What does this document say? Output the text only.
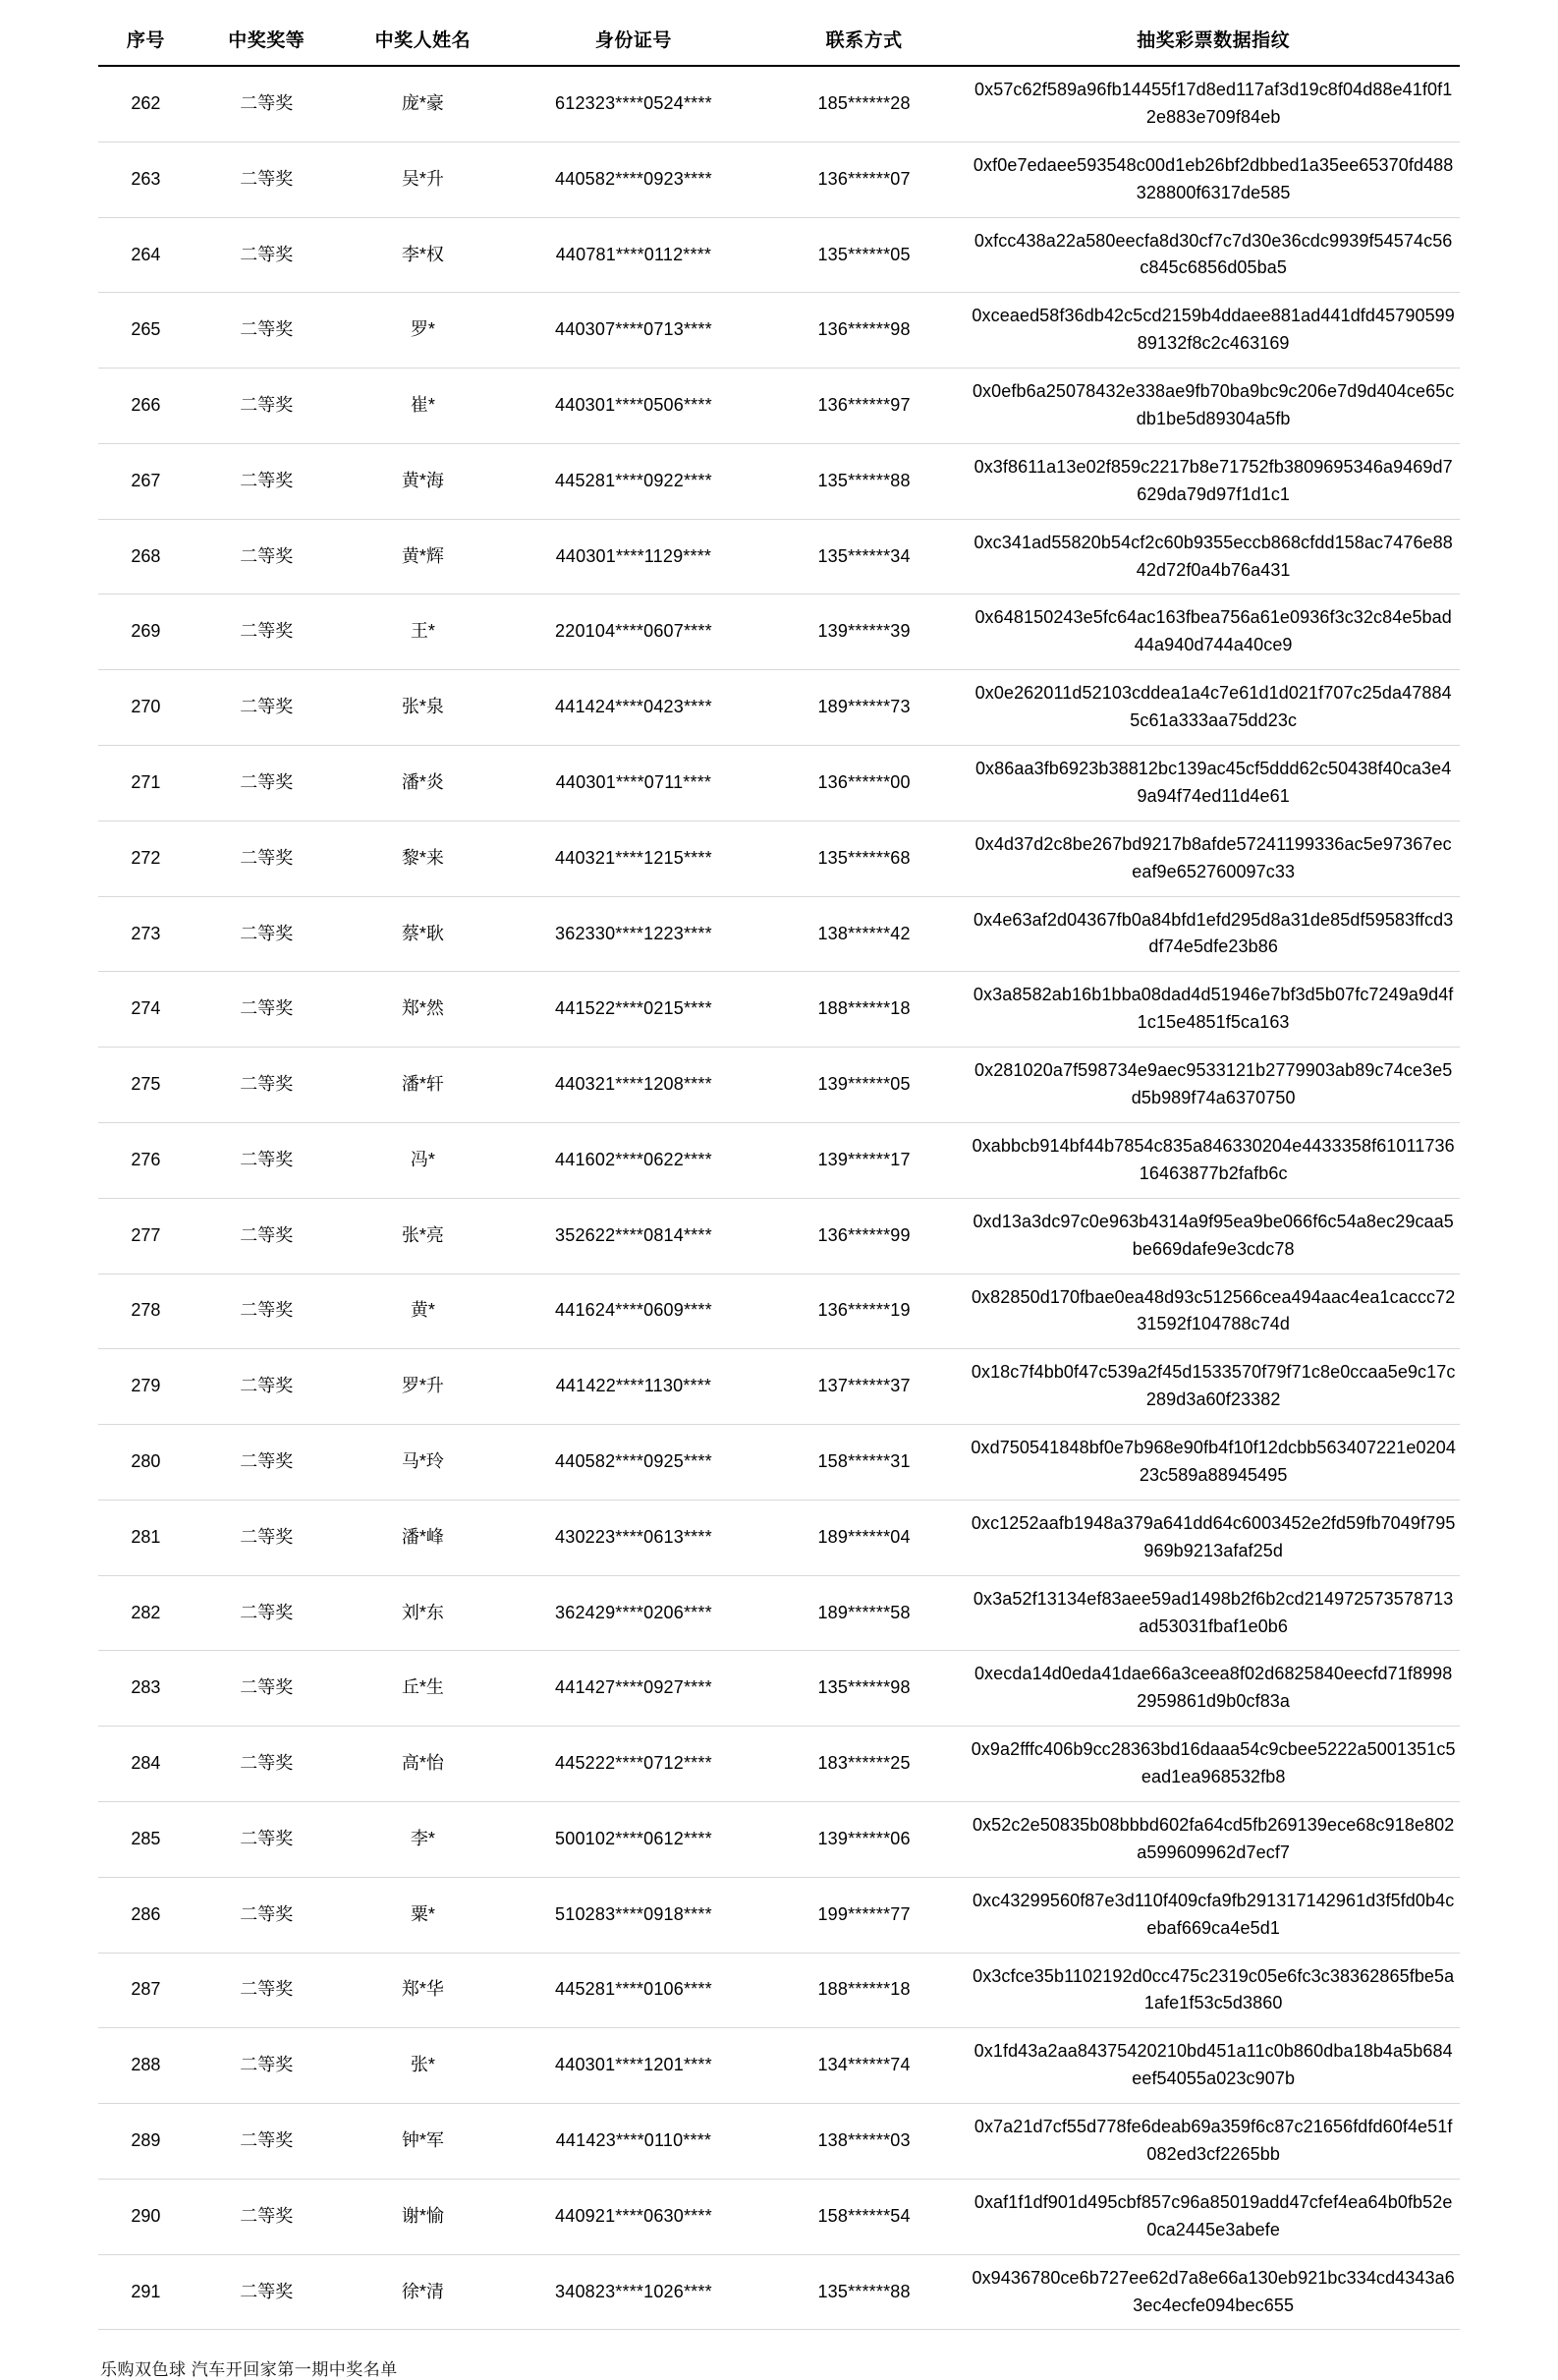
序号	中奖奖等	中奖人姓名	身份证号	联系方式	抽奖彩票数据指纹
262	二等奖	庞*豪	612323****0524****	185******28	0x57c62f589a96fb14455f17d8ed117af3d19c8f04d88e41f0f12e883e709f84eb
263	二等奖	吴*升	440582****0923****	136******07	0xf0e7edaee593548c00d1eb26bf2dbbed1a35ee65370fd488328800f6317de585
264	二等奖	李*权	440781****0112****	135******05	0xfcc438a22a580eecfa8d30cf7c7d30e36cdc9939f54574c56c845c6856d05ba5
265	二等奖	罗*	440307****0713****	136******98	0xceaed58f36db42c5cd2159b4ddaee881ad441dfd4579059989132f8c2c463169
266	二等奖	崔*	440301****0506****	136******97	0x0efb6a25078432e338ae9fb70ba9bc9c206e7d9d404ce65cdb1be5d89304a5fb
267	二等奖	黄*海	445281****0922****	135******88	0x3f8611a13e02f859c2217b8e71752fb3809695346a9469d7629da79d97f1d1c1
268	二等奖	黄*辉	440301****1129****	135******34	0xc341ad55820b54cf2c60b9355eccb868cfdd158ac7476e8842d72f0a4b76a431
269	二等奖	王*	220104****0607****	139******39	0x648150243e5fc64ac163fbea756a61e0936f3c32c84e5bad44a940d744a40ce9
270	二等奖	张*泉	441424****0423****	189******73	0x0e262011d52103cddea1a4c7e61d1d021f707c25da478845c61a333aa75dd23c
271	二等奖	潘*炎	440301****0711****	136******00	0x86aa3fb6923b38812bc139ac45cf5ddd62c50438f40ca3e49a94f74ed11d4e61
272	二等奖	黎*来	440321****1215****	135******68	0x4d37d2c8be267bd9217b8afde57241199336ac5e97367eceaf9e652760097c33
273	二等奖	蔡*耿	362330****1223****	138******42	0x4e63af2d04367fb0a84bfd1efd295d8a31de85df59583ffcd3df74e5dfe23b86
274	二等奖	郑*然	441522****0215****	188******18	0x3a8582ab16b1bba08dad4d51946e7bf3d5b07fc7249a9d4f1c15e4851f5ca163
275	二等奖	潘*轩	440321****1208****	139******05	0x281020a7f598734e9aec9533121b2779903ab89c74ce3e5d5b989f74a6370750
276	二等奖	冯*	441602****0622****	139******17	0xabbcb914bf44b7854c835a846330204e4433358f6101173616463877b2fafb6c
277	二等奖	张*亮	352622****0814****	136******99	0xd13a3dc97c0e963b4314a9f95ea9be066f6c54a8ec29caa5be669dafe9e3cdc78
278	二等奖	黄*	441624****0609****	136******19	0x82850d170fbae0ea48d93c512566cea494aac4ea1caccc7231592f104788c74d
279	二等奖	罗*升	441422****1130****	137******37	0x18c7f4bb0f47c539a2f45d1533570f79f71c8e0ccaa5e9c17c289d3a60f23382
280	二等奖	马*玲	440582****0925****	158******31	0xd750541848bf0e7b968e90fb4f10f12dcbb563407221e020423c589a88945495
281	二等奖	潘*峰	430223****0613****	189******04	0xc1252aafb1948a379a641dd64c6003452e2fd59fb7049f795969b9213afaf25d
282	二等奖	刘*东	362429****0206****	189******58	0x3a52f13134ef83aee59ad1498b2f6b2cd214972573578713ad53031fbaf1e0b6
283	二等奖	丘*生	441427****0927****	135******98	0xecda14d0eda41dae66a3ceea8f02d6825840eecfd71f89982959861d9b0cf83a
284	二等奖	高*怡	445222****0712****	183******25	0x9a2fffc406b9cc28363bd16daaa54c9cbee5222a5001351c5ead1ea968532fb8
285	二等奖	李*	500102****0612****	139******06	0x52c2e50835b08bbbd602fa64cd5fb269139ece68c918e802a599609962d7ecf7
286	二等奖	粟*	510283****0918****	199******77	0xc43299560f87e3d110f409cfa9fb291317142961d3f5fd0b4cebaf669ca4e5d1
287	二等奖	郑*华	445281****0106****	188******18	0x3cfce35b1102192d0cc475c2319c05e6fc3c38362865fbe5a1afe1f53c5d3860
288	二等奖	张*	440301****1201****	134******74	0x1fd43a2aa84375420210bd451a11c0b860dba18b4a5b684eef54055a023c907b
289	二等奖	钟*军	441423****0110****	138******03	0x7a21d7cf55d778fe6deab69a359f6c87c21656fdfd60f4e51f082ed3cf2265bb
290	二等奖	谢*愉	440921****0630****	158******54	0xaf1f1df901d495cbf857c96a85019add47cfef4ea64b0fb52e0ca2445e3abefe
291	二等奖	徐*清	340823****1026****	135******88	0x9436780ce6b727ee62d7a8e66a130eb921bc334cd4343a63ec4ecfe094bec655
乐购双色球 汽车开回家第一期中奖名单
